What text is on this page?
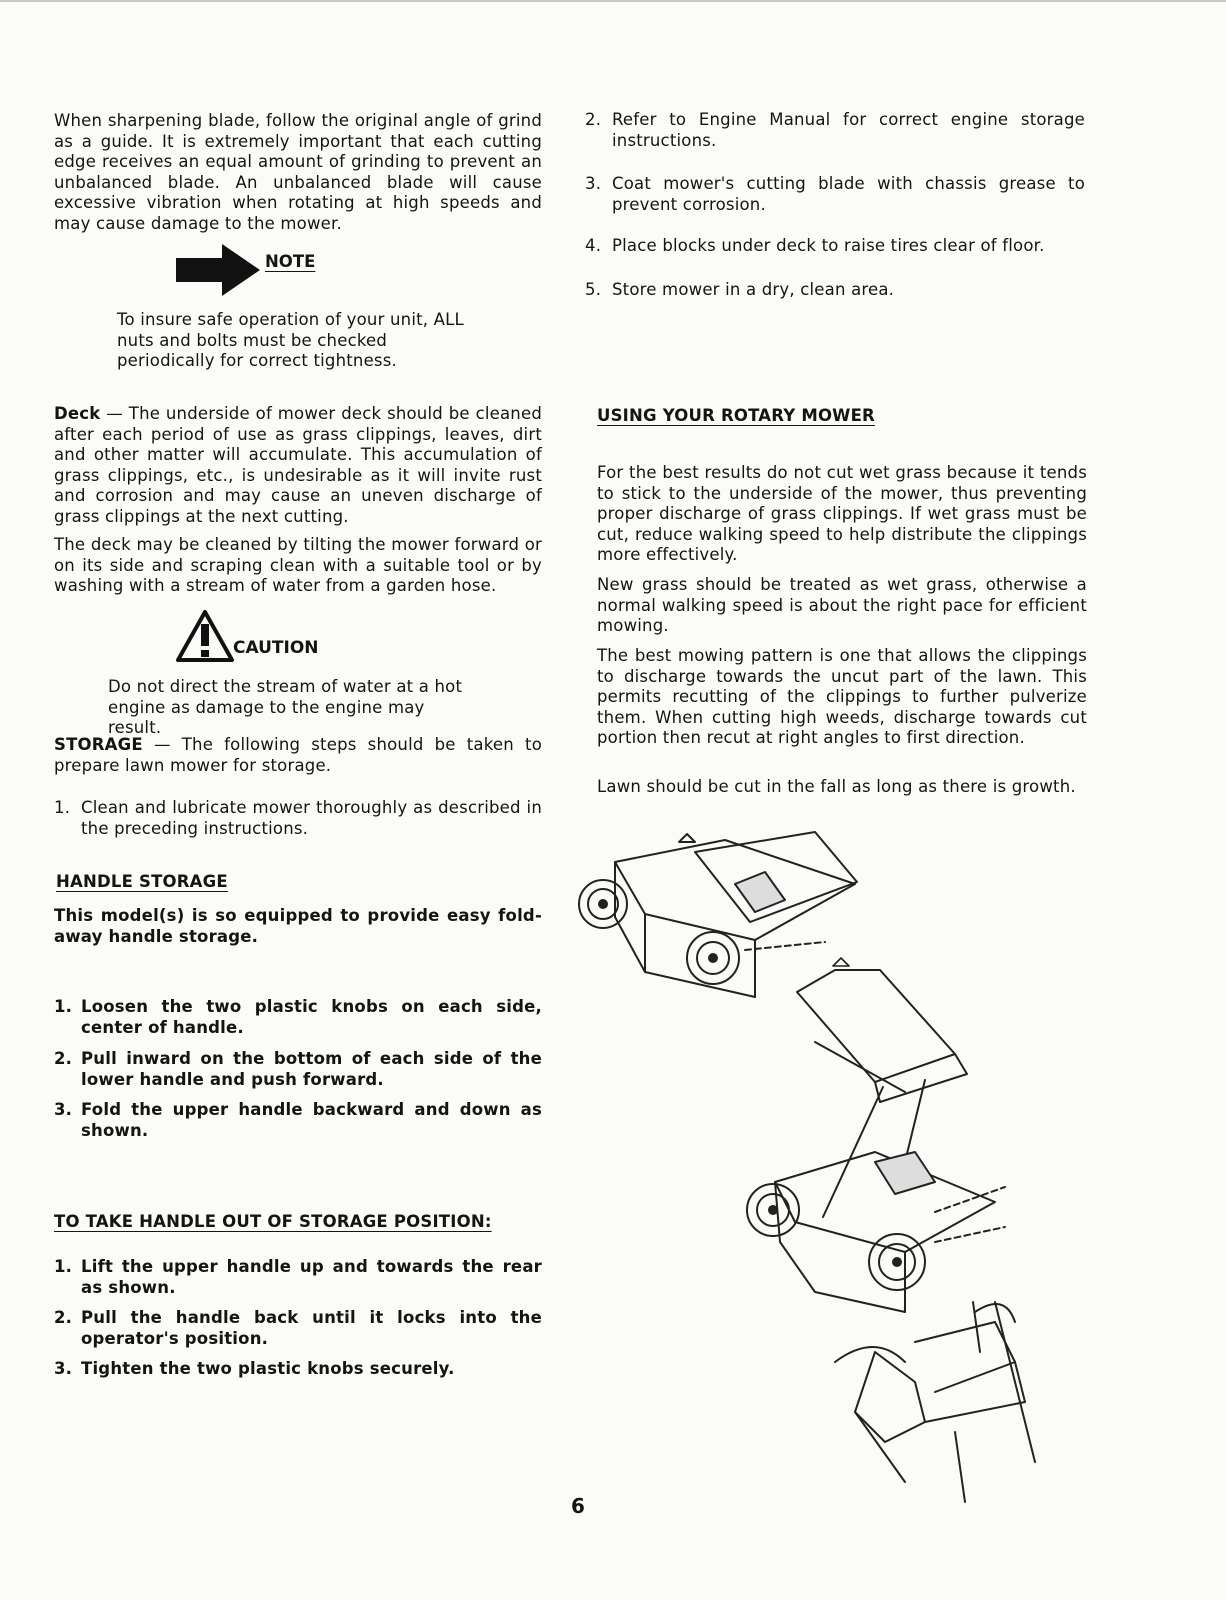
When sharpening blade, follow the original angle of grind as a guide. It is extremely important that each cutting edge receives an equal amount of grinding to prevent an unbalanced blade. An unbalanced blade will cause excessive vibration when rotating at high speeds and may cause damage to the mower.

NOTE

To insure safe operation of your unit, ALL nuts and bolts must be checked periodically for correct tightness.

Deck — The underside of mower deck should be cleaned after each period of use as grass clippings, leaves, dirt and other matter will accumulate. This accumulation of grass clippings, etc., is undesirable as it will invite rust and corrosion and may cause an uneven discharge of grass clippings at the next cutting.

The deck may be cleaned by tilting the mower forward or on its side and scraping clean with a suitable tool or by washing with a stream of water from a garden hose.

CAUTION

Do not direct the stream of water at a hot engine as damage to the engine may result.

STORAGE — The following steps should be taken to prepare lawn mower for storage.

1. Clean and lubricate mower thoroughly as described in the preceding instructions.
HANDLE STORAGE

This model(s) is so equipped to provide easy fold-away handle storage.

1. Loosen the two plastic knobs on each side, center of handle.
2. Pull inward on the bottom of each side of the lower handle and push forward.
3. Fold the upper handle backward and down as shown.
TO TAKE HANDLE OUT OF STORAGE POSITION:
1. Lift the upper handle up and towards the rear as shown.
2. Pull the handle back until it locks into the operator's position.
3. Tighten the two plastic knobs securely.
2. Refer to Engine Manual for correct engine storage instructions.
3. Coat mower's cutting blade with chassis grease to prevent corrosion.
4. Place blocks under deck to raise tires clear of floor.
5. Store mower in a dry, clean area.
USING YOUR ROTARY MOWER

For the best results do not cut wet grass because it tends to stick to the underside of the mower, thus preventing proper discharge of grass clippings. If wet grass must be cut, reduce walking speed to help distribute the clippings more effectively.

New grass should be treated as wet grass, otherwise a normal walking speed is about the right pace for efficient mowing.

The best mowing pattern is one that allows the clippings to discharge towards the uncut part of the lawn. This permits recutting of the clippings to further pulverize them. When cutting high weeds, discharge towards cut portion then recut at right angles to first direction.

Lawn should be cut in the fall as long as there is growth.

6
